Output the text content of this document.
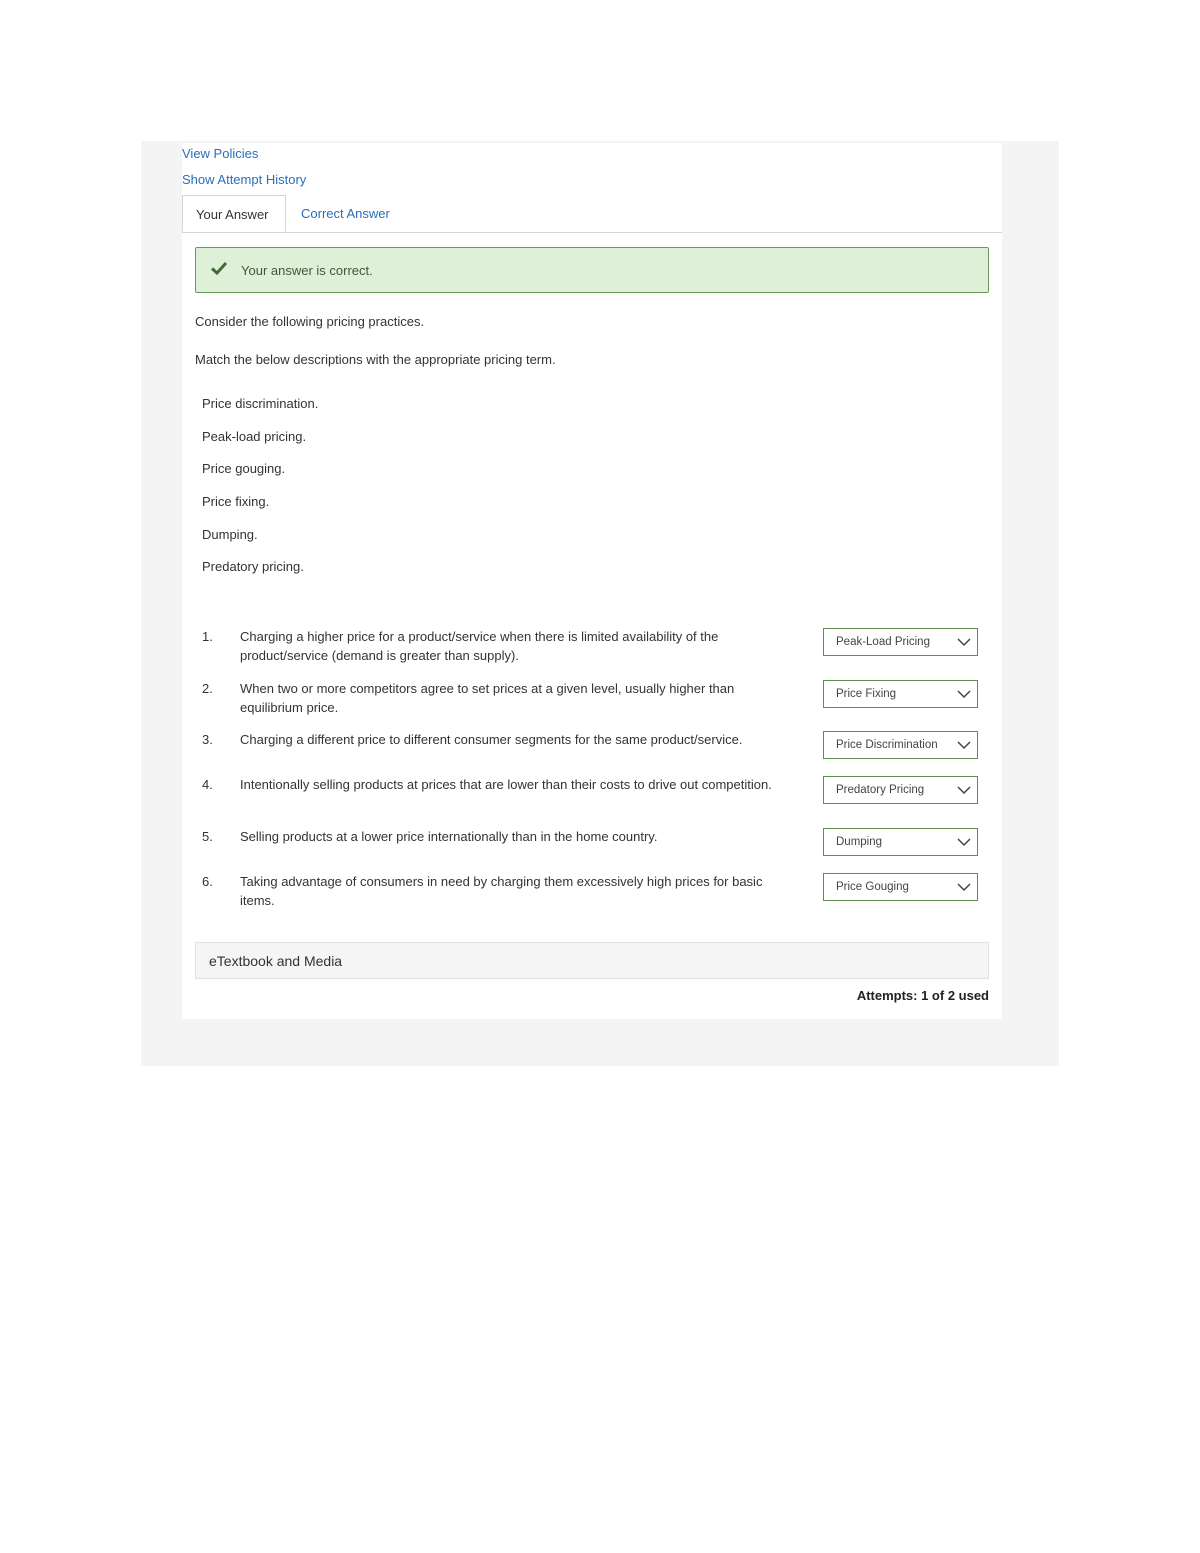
View Policies
Show Attempt History
Your Answer	Correct Answer
Your answer is correct.
Consider the following pricing practices.
Match the below descriptions with the appropriate pricing term.
Price discrimination.
Peak-load pricing.
Price gouging.
Price fixing.
Dumping.
Predatory pricing.
1. Charging a higher price for a product/service when there is limited availability of the product/service (demand is greater than supply).
Peak-Load Pricing
2. When two or more competitors agree to set prices at a given level, usually higher than equilibrium price.
Price Fixing
3. Charging a different price to different consumer segments for the same product/service.	Price Discrimination
4. Intentionally selling products at prices that are lower than their costs to drive out competition.	Predatory Pricing
5. Selling products at a lower price internationally than in the home country.	Dumping
6. Taking advantage of consumers in need by charging them excessively high prices for basic items.
Price Gouging
eTextbook and Media
Attempts: 1 of 2 used
